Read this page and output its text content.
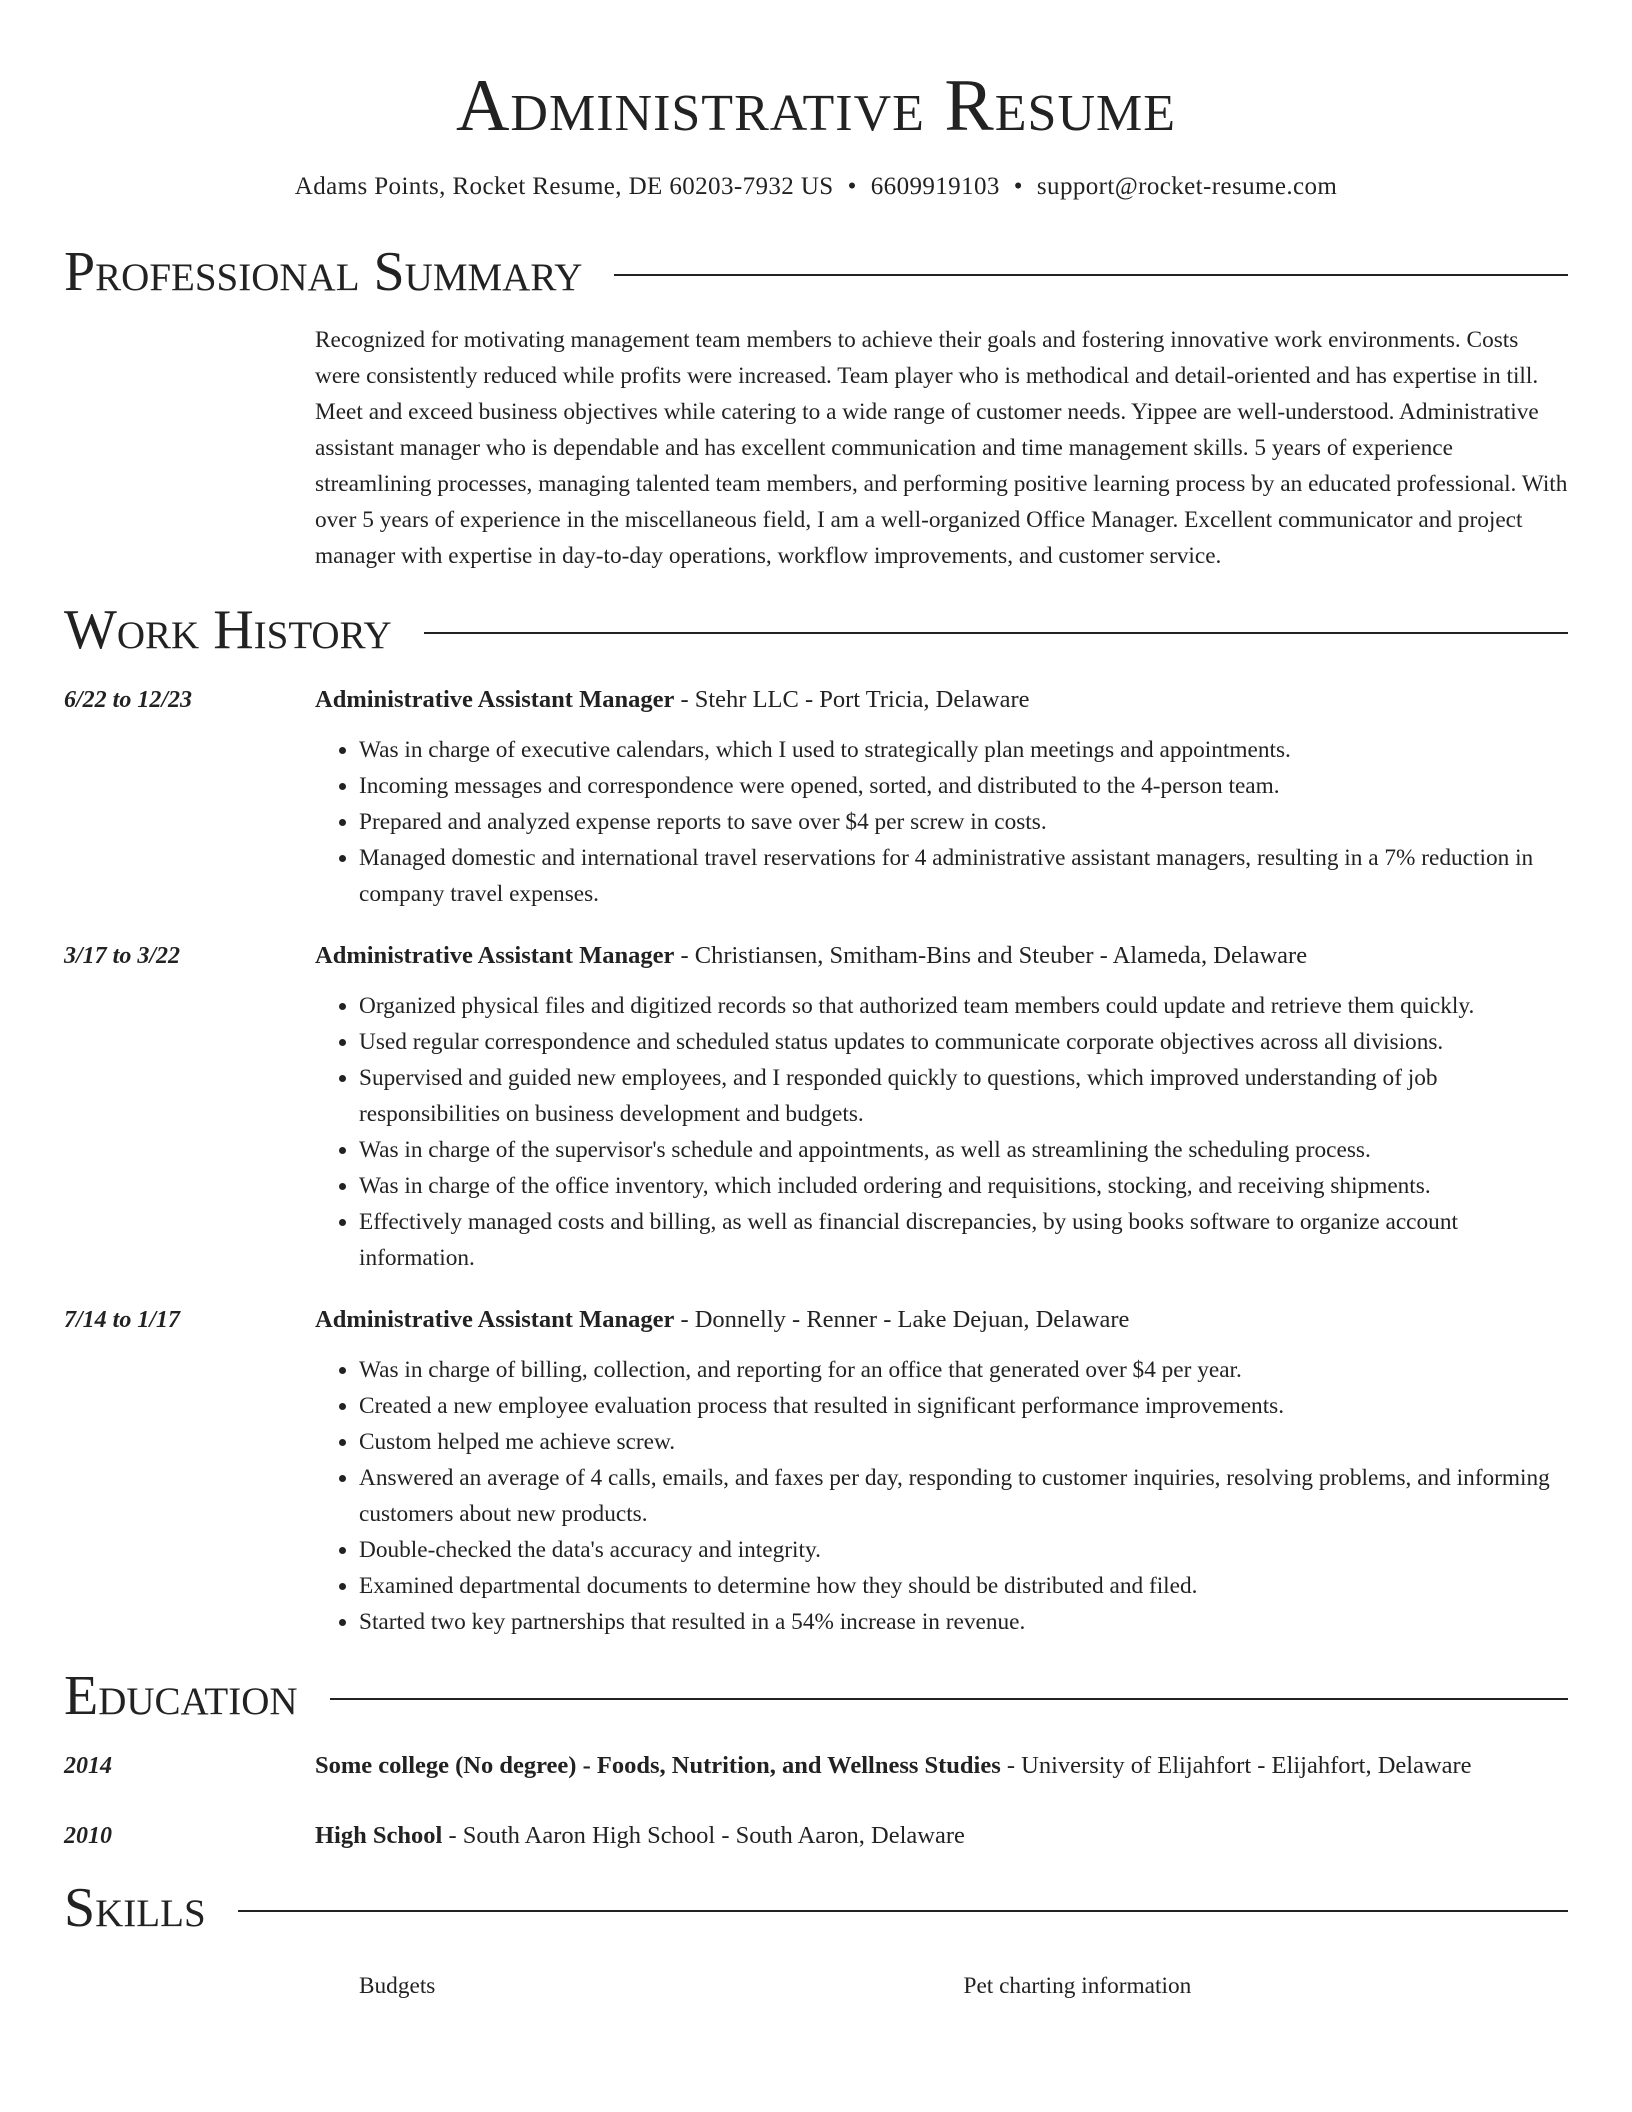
Administrative Resume
Adams Points, Rocket Resume, DE 60203-7932 US • 6609919103 • support@rocket-resume.com
Professional Summary
Recognized for motivating management team members to achieve their goals and fostering innovative work environments. Costs were consistently reduced while profits were increased. Team player who is methodical and detail-oriented and has expertise in till. Meet and exceed business objectives while catering to a wide range of customer needs. Yippee are well-understood. Administrative assistant manager who is dependable and has excellent communication and time management skills. 5 years of experience streamlining processes, managing talented team members, and performing positive learning process by an educated professional. With over 5 years of experience in the miscellaneous field, I am a well-organized Office Manager. Excellent communicator and project manager with expertise in day-to-day operations, workflow improvements, and customer service.
Work History
6/22 to 12/23	Administrative Assistant Manager - Stehr LLC - Port Tricia, Delaware
• Was in charge of executive calendars, which I used to strategically plan meetings and appointments.
• Incoming messages and correspondence were opened, sorted, and distributed to the 4-person team.
• Prepared and analyzed expense reports to save over $4 per screw in costs.
• Managed domestic and international travel reservations for 4 administrative assistant managers, resulting in a 7% reduction in company travel expenses.
3/17 to 3/22	Administrative Assistant Manager - Christiansen, Smitham-Bins and Steuber - Alameda, Delaware
• Organized physical files and digitized records so that authorized team members could update and retrieve them quickly.
• Used regular correspondence and scheduled status updates to communicate corporate objectives across all divisions.
• Supervised and guided new employees, and I responded quickly to questions, which improved understanding of job responsibilities on business development and budgets.
• Was in charge of the supervisor's schedule and appointments, as well as streamlining the scheduling process.
• Was in charge of the office inventory, which included ordering and requisitions, stocking, and receiving shipments.
• Effectively managed costs and billing, as well as financial discrepancies, by using books software to organize account information.
7/14 to 1/17	Administrative Assistant Manager - Donnelly - Renner - Lake Dejuan, Delaware
• Was in charge of billing, collection, and reporting for an office that generated over $4 per year.
• Created a new employee evaluation process that resulted in significant performance improvements.
• Custom helped me achieve screw.
• Answered an average of 4 calls, emails, and faxes per day, responding to customer inquiries, resolving problems, and informing customers about new products.
• Double-checked the data's accuracy and integrity.
• Examined departmental documents to determine how they should be distributed and filed.
• Started two key partnerships that resulted in a 54% increase in revenue.
Education
2014	Some college (No degree) - Foods, Nutrition, and Wellness Studies - University of Elijahfort - Elijahfort, Delaware
2010	High School - South Aaron High School - South Aaron, Delaware
Skills
Budgets	Pet charting information
